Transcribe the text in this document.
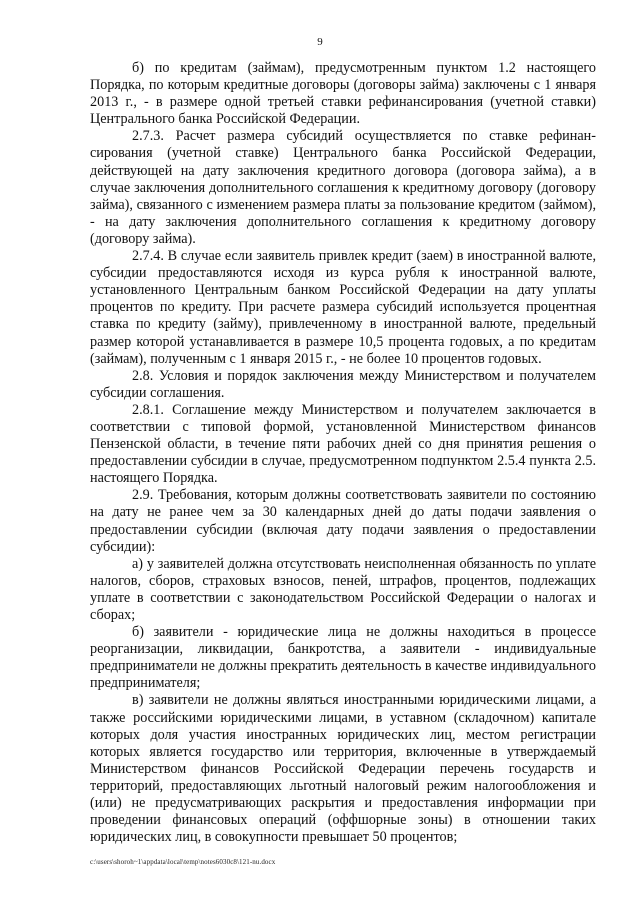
9

б) по кредитам (займам), предусмотренным пунктом 1.2 настоящего Порядка, по которым кредитные договоры (договоры займа) заключены с 1 января 2013 г., - в размере одной третьей ставки рефинансирования (учетной ставки) Центрального банка Российской Федерации.

2.7.3. Расчет размера субсидий осуществляется по ставке рефинансирования (учетной ставке) Центрального банка Российской Федерации, действующей на дату заключения кредитного договора (договора займа), а в случае заключения дополнительного соглашения к кредитному договору (договору займа), связанного с изменением размера платы за пользование кредитом (займом), - на дату заключения дополнительного соглашения к кредитному договору (договору займа).

2.7.4. В случае если заявитель привлек кредит (заем) в иностранной валюте, субсидии предоставляются исходя из курса рубля к иностранной валюте, установленного Центральным банком Российской Федерации на дату уплаты процентов по кредиту. При расчете размера субсидий используется процентная ставка по кредиту (займу), привлеченному в иностранной валюте, предельный размер которой устанавливается в размере 10,5 процента годовых, а по кредитам (займам), полученным с 1 января 2015 г., - не более 10 процентов годовых.

2.8. Условия и порядок заключения между Министерством и получателем субсидии соглашения.

2.8.1. Соглашение между Министерством и получателем заключается в соответствии с типовой формой, установленной Министерством финансов Пензенской области, в течение пяти рабочих дней со дня принятия решения о предоставлении субсидии в случае, предусмотренном подпунктом 2.5.4 пункта 2.5. настоящего Порядка.

2.9. Требования, которым должны соответствовать заявители по состоянию на дату не ранее чем за 30 календарных дней до даты подачи заявления о предоставлении субсидии (включая дату подачи заявления о предоставлении субсидии):

а) у заявителей должна отсутствовать неисполненная обязанность по уплате налогов, сборов, страховых взносов, пеней, штрафов, процентов, подлежащих уплате в соответствии с законодательством Российской Федерации о налогах и сборах;

б) заявители - юридические лица не должны находиться в процессе реорганизации, ликвидации, банкротства, а заявители - индивидуальные предприниматели не должны прекратить деятельность в качестве индивидуального предпринимателя;

в) заявители не должны являться иностранными юридическими лицами, а также российскими юридическими лицами, в уставном (складочном) капитале которых доля участия иностранных юридических лиц, местом регистрации которых является государство или территория, включенные в утверждаемый Министерством финансов Российской Федерации перечень государств и территорий, предоставляющих льготный налоговый режим налогообложения и (или) не предусматривающих раскрытия и предоставления информации при проведении финансовых операций (оффшорные зоны) в отношении таких юридических лиц, в совокупности превышает 50 процентов;

c:\users\shoroh~1\appdata\local\temp\notes6030c8\121-nu.docx
